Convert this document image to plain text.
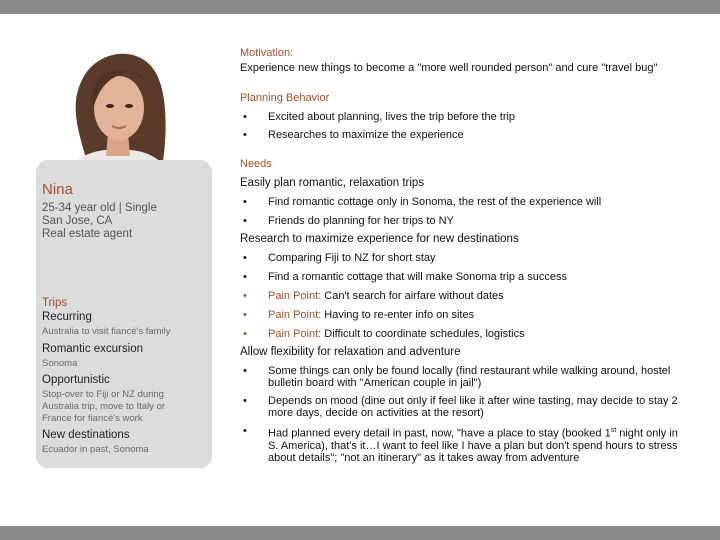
Nina
25-34 year old | Single
San Jose, CA
Real estate agent
Trips
Recurring
Australia to visit fiancé's family
Romantic excursion
Sonoma
Opportunistic
Stop-over to Fiji or NZ during Australia trip, move to Italy or France for fiancé's work
New destinations
Ecuador in past, Sonoma
Motivation:
Experience new things to become a "more well rounded person" and cure "travel bug"
Planning Behavior
• Excited about planning, lives the trip before the trip
• Researches to maximize the experience
Needs
Easily plan romantic, relaxation trips
• Find romantic cottage only in Sonoma, the rest of the experience will
• Friends do planning for her trips to NY
Research to maximize experience for new destinations
• Comparing Fiji to NZ for short stay
• Find a romantic cottage that will make Sonoma trip a success
• Pain Point: Can't search for airfare without dates
• Pain Point: Having to re-enter info on sites
• Pain Point: Difficult to coordinate schedules, logistics
Allow flexibility for relaxation and adventure
• Some things can only be found locally (find restaurant while walking around, hostel bulletin board with "American couple in jail")
• Depends on mood (dine out only if feel like it after wine tasting, may decide to stay 2 more days, decide on activities at the resort)
• Had planned every detail in past, now, "have a place to stay (booked 1st night only in S. America), that's it…I want to feel like I have a plan but don't spend hours to stress about details"; "not an itinerary" as it takes away from adventure
